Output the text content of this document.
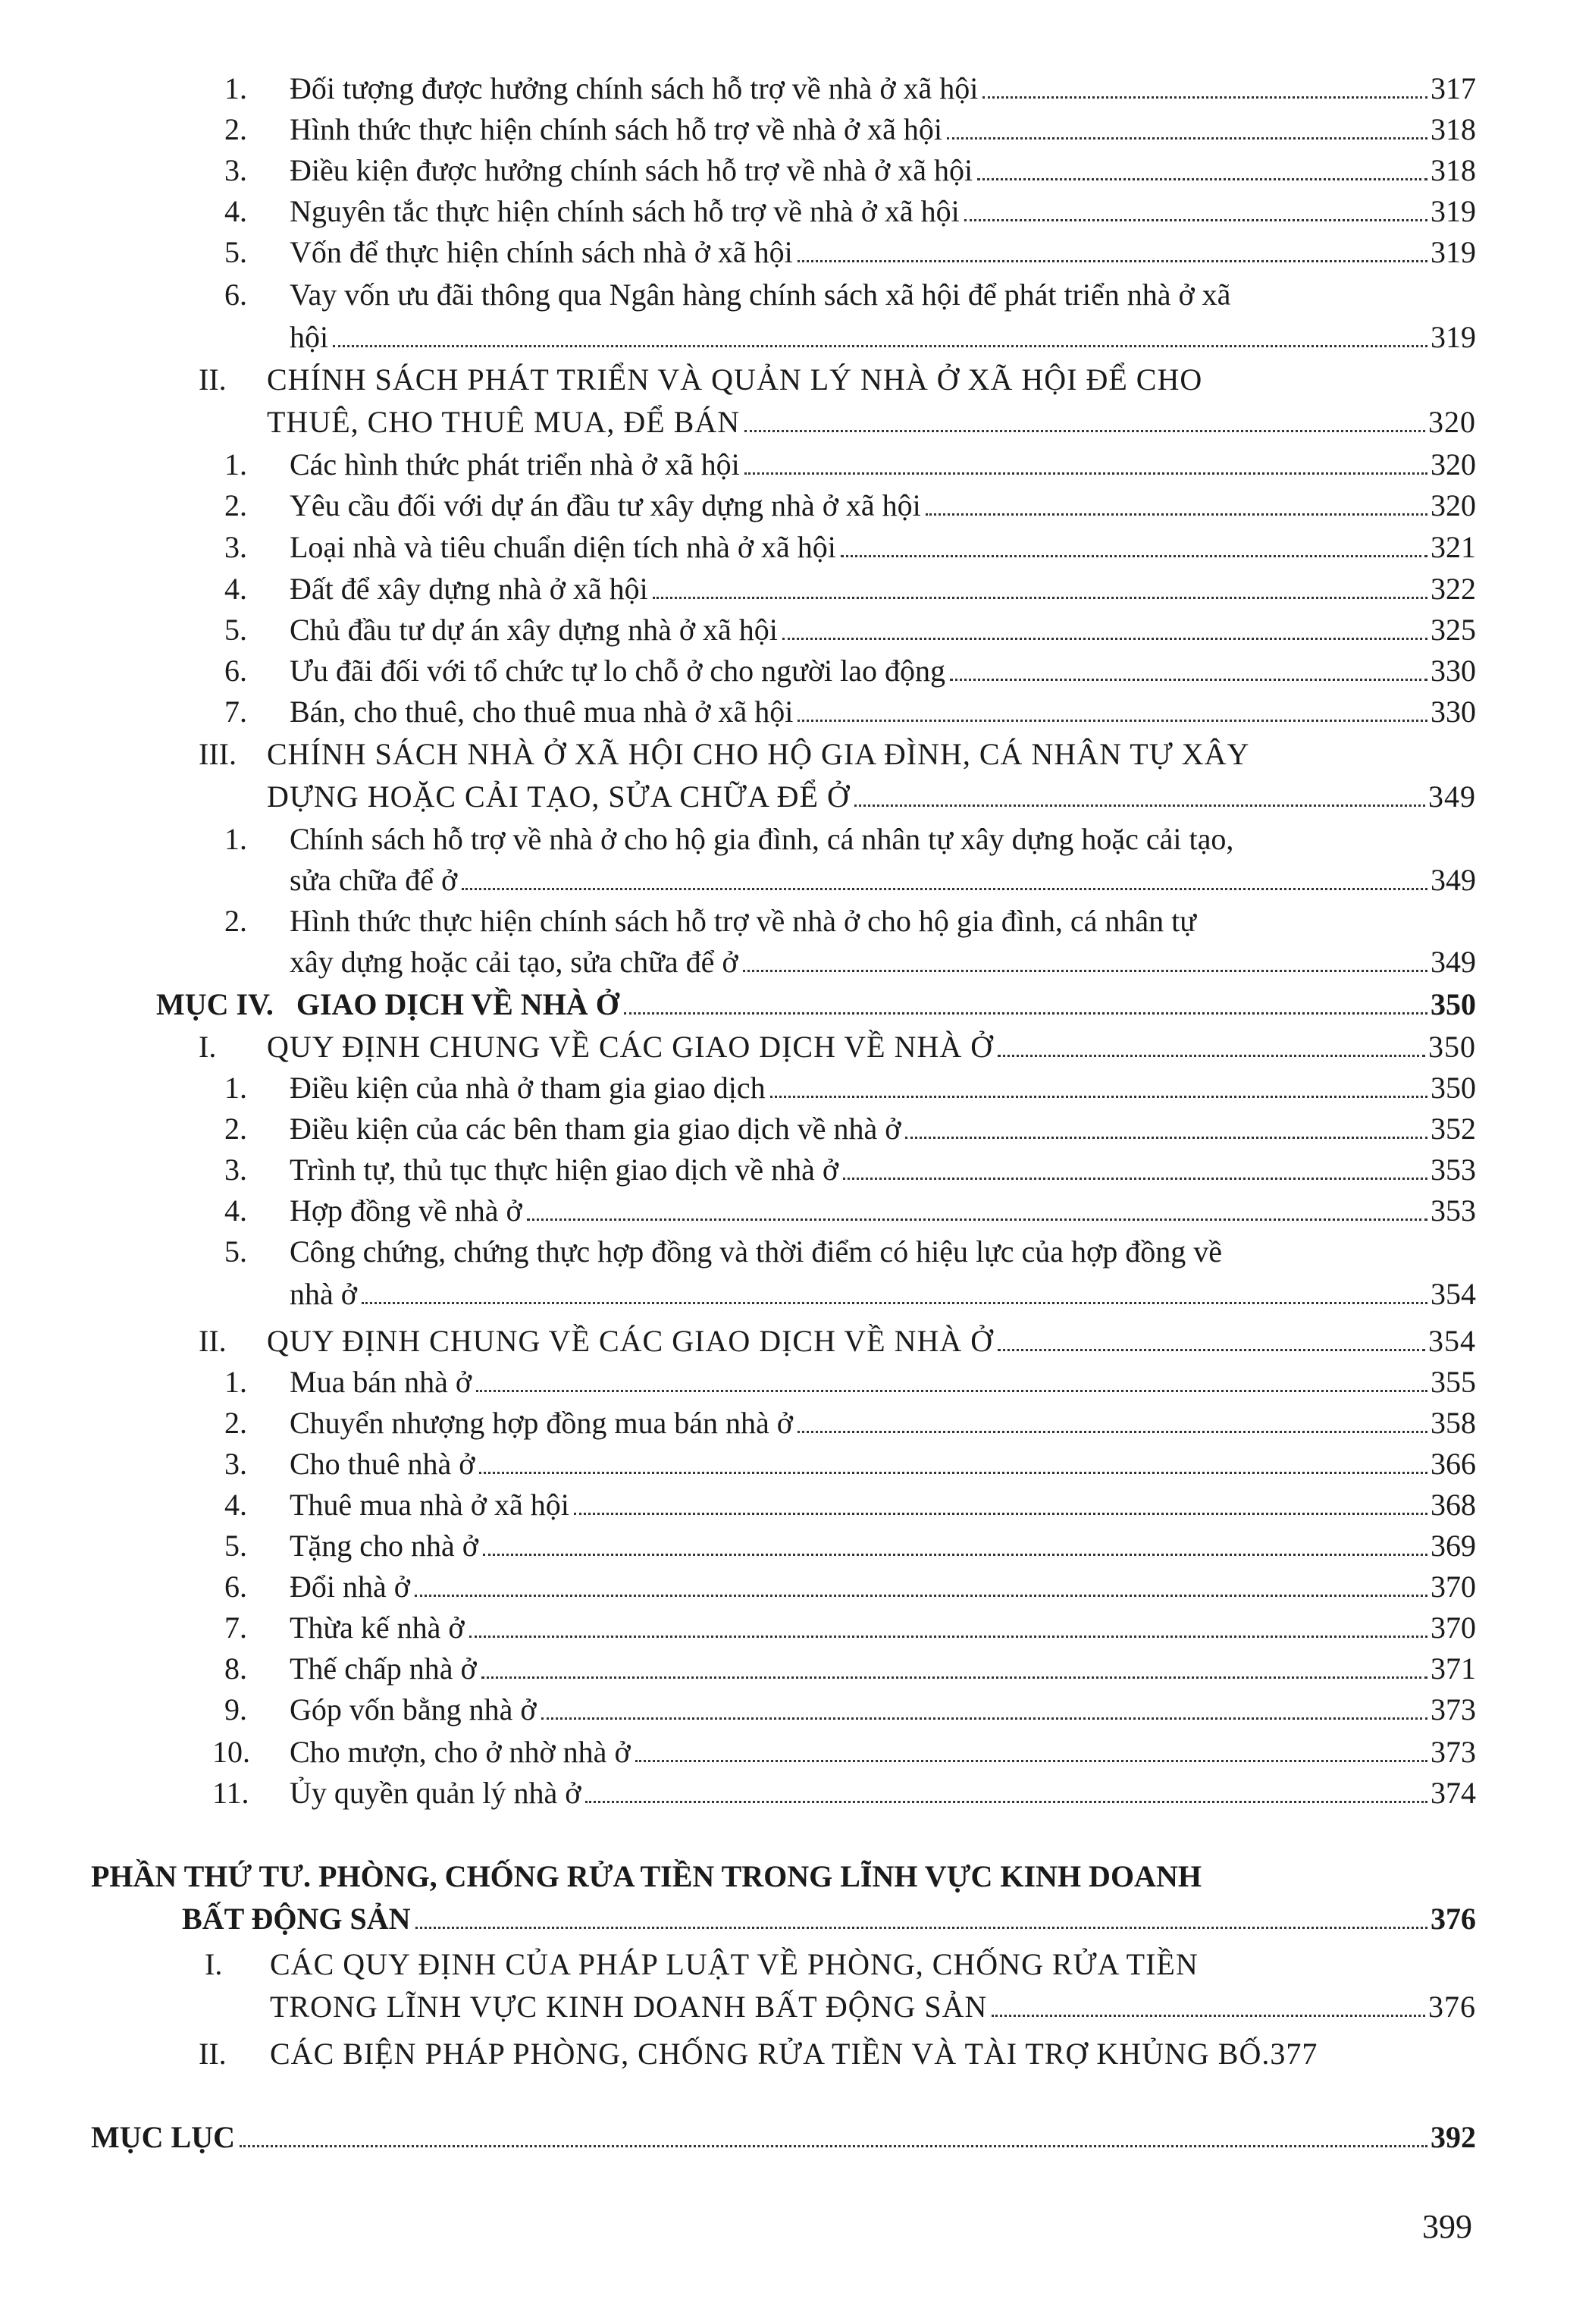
1. Đối tượng được hưởng chính sách hỗ trợ về nhà ở xã hội	317
2. Hình thức thực hiện chính sách hỗ trợ về nhà ở xã hội	318
3. Điều kiện được hưởng chính sách hỗ trợ về nhà ở xã hội	318
4. Nguyên tắc thực hiện chính sách hỗ trợ về nhà ở xã hội	319
5. Vốn để thực hiện chính sách nhà ở xã hội	319
6. Vay vốn ưu đãi thông qua Ngân hàng chính sách xã hội để phát triển nhà ở xã
hội	319
II. CHÍNH SÁCH PHÁT TRIỂN VÀ QUẢN LÝ NHÀ Ở XÃ HỘI ĐỂ CHO
THUÊ, CHO THUÊ MUA, ĐỂ BÁN	320
1. Các hình thức phát triển nhà ở xã hội	320
2. Yêu cầu đối với dự án đầu tư xây dựng nhà ở xã hội	320
3. Loại nhà và tiêu chuẩn diện tích nhà ở xã hội	321
4. Đất để xây dựng nhà ở xã hội	322
5. Chủ đầu tư dự án xây dựng nhà ở xã hội	325
6. Ưu đãi đối với tổ chức tự lo chỗ ở cho người lao động	330
7. Bán, cho thuê, cho thuê mua nhà ở xã hội	330
III. CHÍNH SÁCH NHÀ Ở XÃ HỘI CHO HỘ GIA ĐÌNH, CÁ NHÂN TỰ XÂY
DỰNG HOẶC CẢI TẠO, SỬA CHỮA ĐỂ Ở	349
1. Chính sách hỗ trợ về nhà ở cho hộ gia đình, cá nhân tự xây dựng hoặc cải tạo,
sửa chữa để ở	349
2. Hình thức thực hiện chính sách hỗ trợ về nhà ở cho hộ gia đình, cá nhân tự
xây dựng hoặc cải tạo, sửa chữa để ở	349
MỤC IV.   GIAO DỊCH VỀ NHÀ Ở	350
I. QUY ĐỊNH CHUNG VỀ CÁC GIAO DỊCH VỀ NHÀ Ở	350
1. Điều kiện của nhà ở tham gia giao dịch	350
2. Điều kiện của các bên tham gia giao dịch về nhà ở	352
3. Trình tự, thủ tục thực hiện giao dịch về nhà ở	353
4. Hợp đồng về nhà ở	353
5. Công chứng, chứng thực hợp đồng và thời điểm có hiệu lực của hợp đồng về
nhà ở	354
II. QUY ĐỊNH CHUNG VỀ CÁC GIAO DỊCH VỀ NHÀ Ở	354
1. Mua bán nhà ở	355
2. Chuyển nhượng hợp đồng mua bán nhà ở	358
3. Cho thuê nhà ở	366
4. Thuê mua nhà ở xã hội	368
5. Tặng cho nhà ở	369
6. Đổi nhà ở	370
7. Thừa kế nhà ở	370
8. Thế chấp nhà ở	371
9. Góp vốn bằng nhà ở	373
10. Cho mượn, cho ở nhờ nhà ở	373
11. Ủy quyền quản lý nhà ở	374
PHẦN THỨ TƯ. PHÒNG, CHỐNG RỬA TIỀN TRONG LĨNH VỰC KINH DOANH
BẤT ĐỘNG SẢN	376
I. CÁC QUY ĐỊNH CỦA PHÁP LUẬT VỀ PHÒNG, CHỐNG RỬA TIỀN
TRONG LĨNH VỰC KINH DOANH BẤT ĐỘNG SẢN	376
II. CÁC BIỆN PHÁP PHÒNG, CHỐNG RỬA TIỀN VÀ TÀI TRỢ KHỦNG BỐ. 377
MỤC LỤC	392
399
